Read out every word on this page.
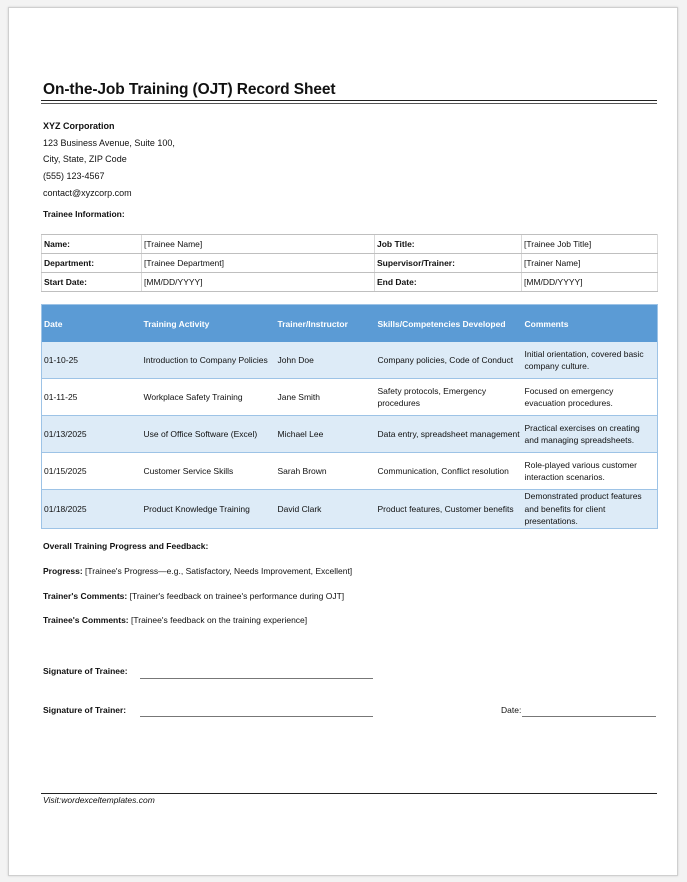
On-the-Job Training (OJT) Record Sheet
XYZ Corporation
123 Business Avenue, Suite 100,
City, State, ZIP Code
(555) 123-4567
contact@xyzcorp.com
Trainee Information:
Name:	[Trainee Name]	Job Title:	[Trainee Job Title]
Department:	[Trainee Department]	Supervisor/Trainer:	[Trainer Name]
Start Date:	[MM/DD/YYYY]	End Date:	[MM/DD/YYYY]
Date	Training Activity	Trainer/Instructor	Skills/Competencies Developed	Comments
01-10-25	Introduction to Company Policies	John Doe	Company policies, Code of Conduct	Initial orientation, covered basic company culture.
01-11-25	Workplace Safety Training	Jane Smith	Safety protocols, Emergency procedures	Focused on emergency evacuation procedures.
01/13/2025	Use of Office Software (Excel)	Michael Lee	Data entry, spreadsheet management	Practical exercises on creating and managing spreadsheets.
01/15/2025	Customer Service Skills	Sarah Brown	Communication, Conflict resolution	Role-played various customer interaction scenarios.
01/18/2025	Product Knowledge Training	David Clark	Product features, Customer benefits	Demonstrated product features and benefits for client presentations.
Overall Training Progress and Feedback:
Progress: [Trainee's Progress—e.g., Satisfactory, Needs Improvement, Excellent]
Trainer's Comments: [Trainer's feedback on trainee's performance during OJT]
Trainee's Comments: [Trainee's feedback on the training experience]
Signature of Trainee:
Signature of Trainer:	Date:
Visit:wordexceltemplates.com
